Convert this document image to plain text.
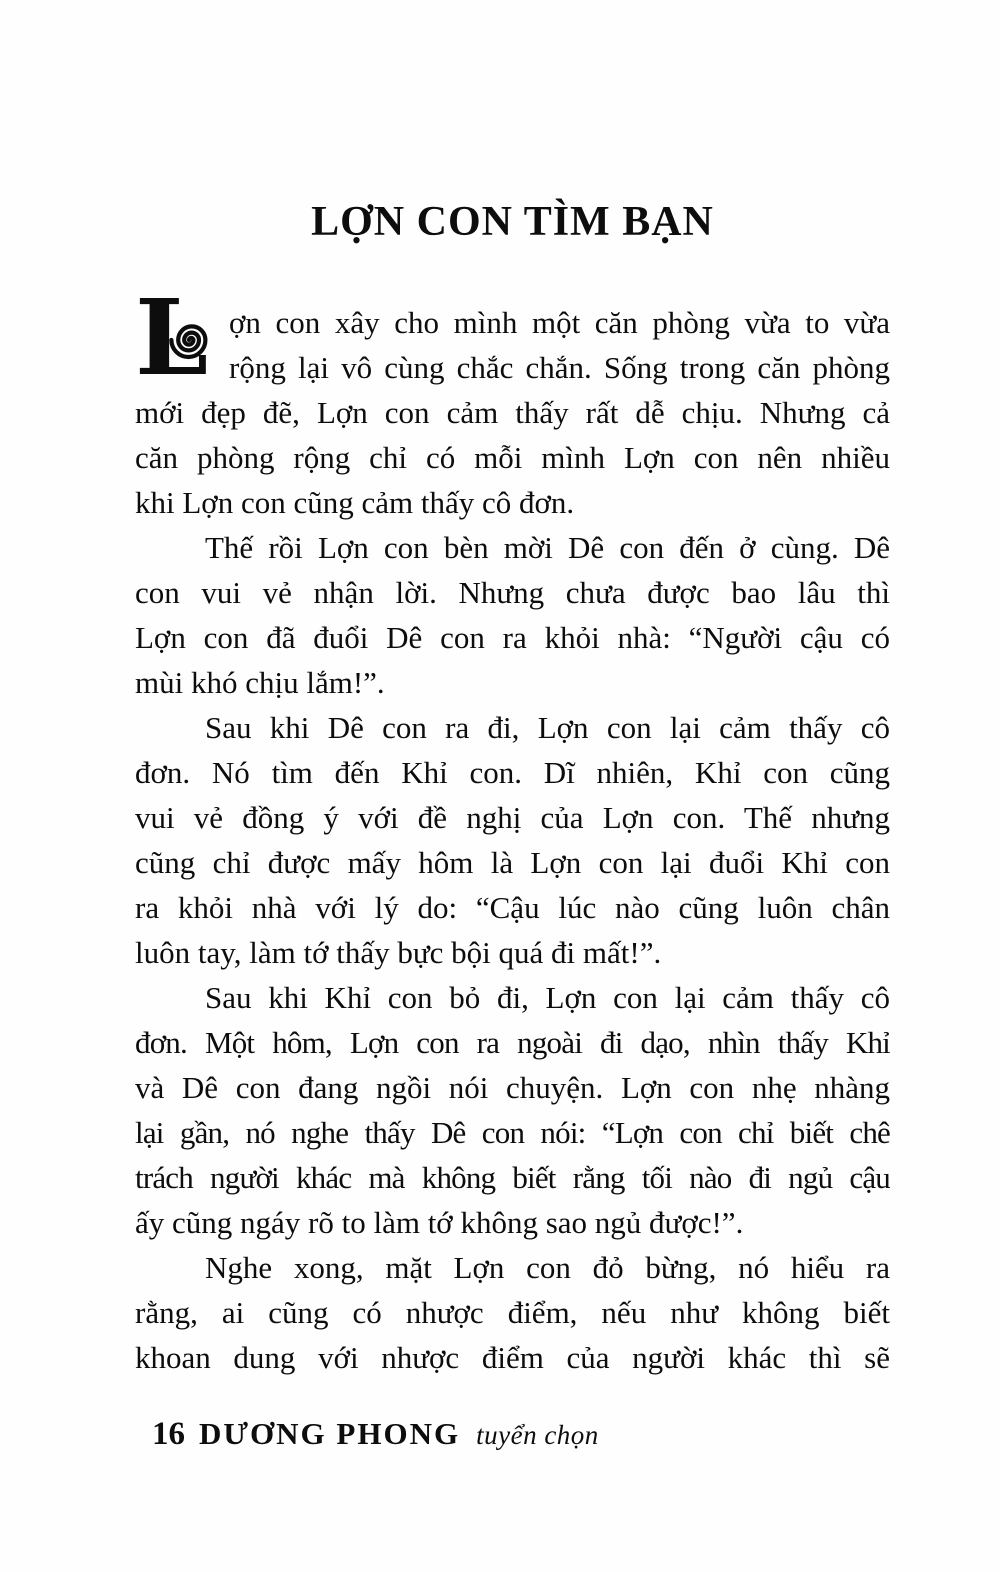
LỢN CON TÌM BẠN
L ợn con xây cho mình một căn phòng vừa to vừa
rộng lại vô cùng chắc chắn. Sống trong căn phòng
mới đẹp đẽ, Lợn con cảm thấy rất dễ chịu. Nhưng cả
căn phòng rộng chỉ có mỗi mình Lợn con nên nhiều
khi Lợn con cũng cảm thấy cô đơn.
Thế rồi Lợn con bèn mời Dê con đến ở cùng. Dê
con vui vẻ nhận lời. Nhưng chưa được bao lâu thì
Lợn con đã đuổi Dê con ra khỏi nhà: “Người cậu có
mùi khó chịu lắm!”.
Sau khi Dê con ra đi, Lợn con lại cảm thấy cô
đơn. Nó tìm đến Khỉ con. Dĩ nhiên, Khỉ con cũng
vui vẻ đồng ý với đề nghị của Lợn con. Thế nhưng
cũng chỉ được mấy hôm là Lợn con lại đuổi Khỉ con
ra khỏi nhà với lý do: “Cậu lúc nào cũng luôn chân
luôn tay, làm tớ thấy bực bội quá đi mất!”.
Sau khi Khỉ con bỏ đi, Lợn con lại cảm thấy cô
đơn. Một hôm, Lợn con ra ngoài đi dạo, nhìn thấy Khỉ
và Dê con đang ngồi nói chuyện. Lợn con nhẹ nhàng
lại gần, nó nghe thấy Dê con nói: “Lợn con chỉ biết chê
trách người khác mà không biết rằng tối nào đi ngủ cậu
ấy cũng ngáy rõ to làm tớ không sao ngủ được!”.
Nghe xong, mặt Lợn con đỏ bừng, nó hiểu ra
rằng, ai cũng có nhược điểm, nếu như không biết
khoan dung với nhược điểm của người khác thì sẽ
16 DƯƠNG PHONG tuyển chọn
